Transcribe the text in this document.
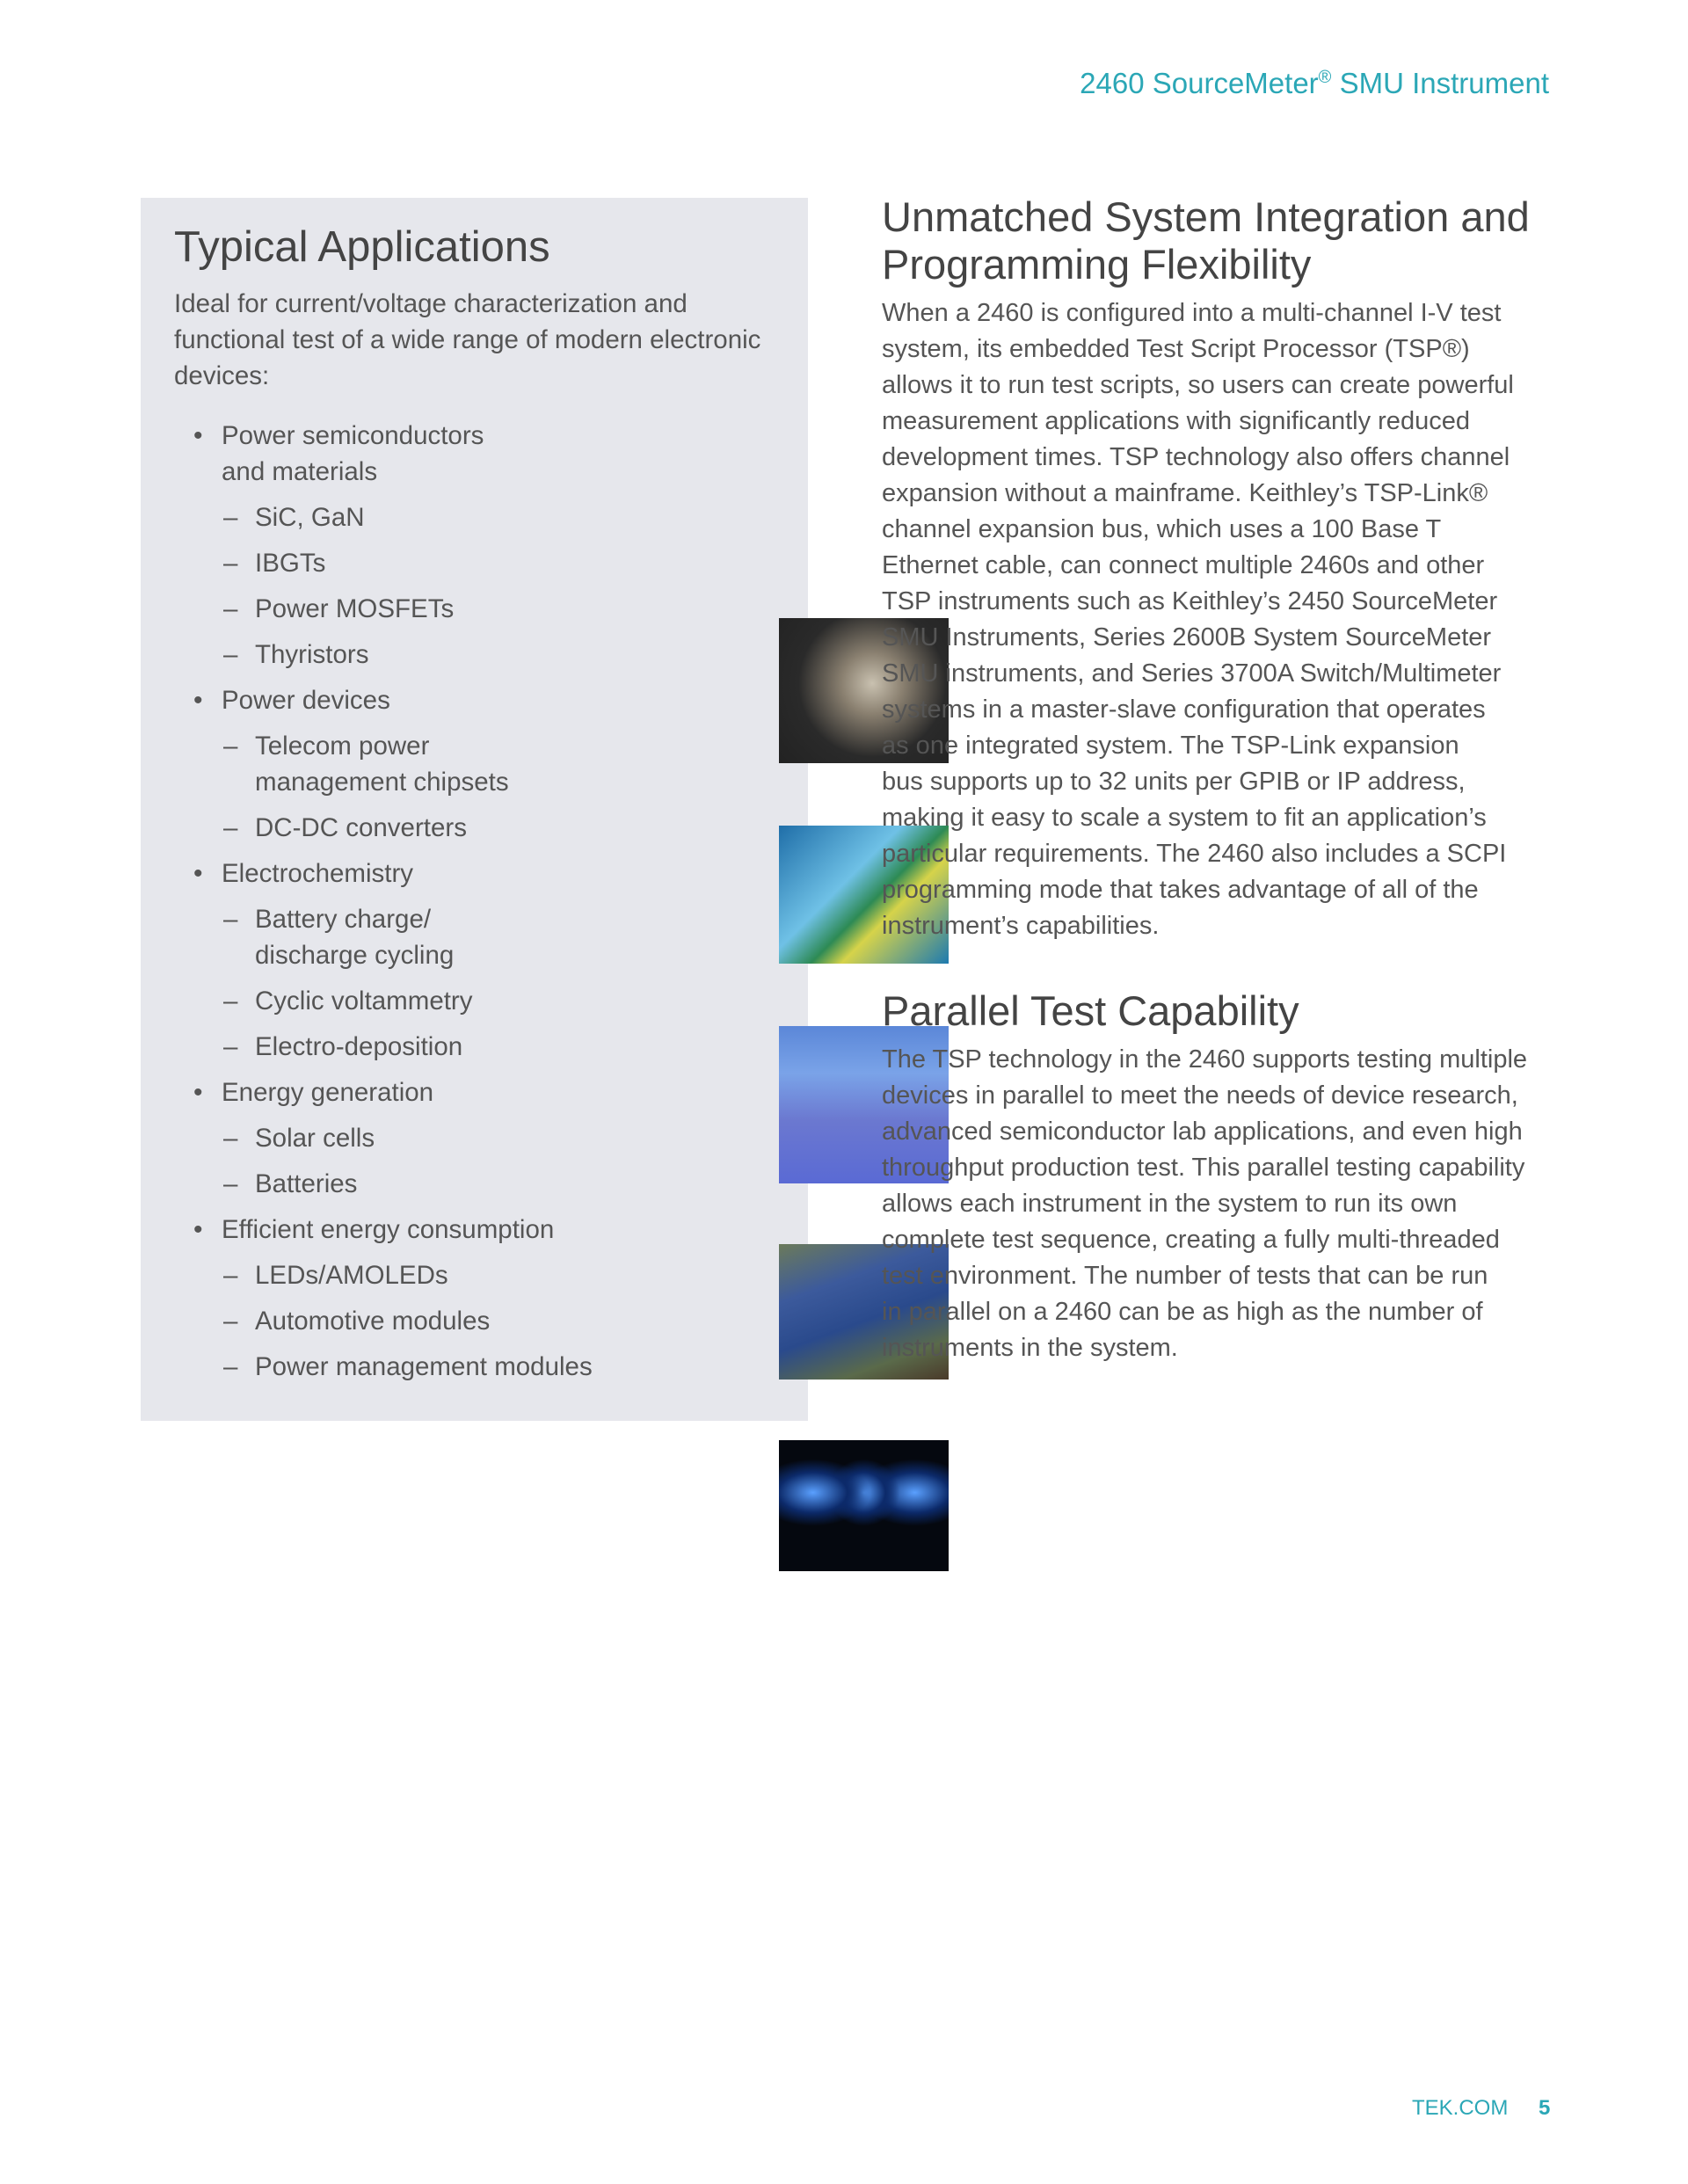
2460 SourceMeter® SMU Instrument
Typical Applications
Ideal for current/voltage characterization and
functional test of a wide range of modern electronic
devices:
• Power semiconductors
and materials
– SiC, GaN
– IBGTs
– Power MOSFETs
– Thyristors
• Power devices
– Telecom power
management chipsets
– DC-DC converters
• Electrochemistry
– Battery charge/
discharge cycling
– Cyclic voltammetry
– Electro-deposition
• Energy generation
– Solar cells
– Batteries
• Efficient energy consumption
– LEDs/AMOLEDs
– Automotive modules
– Power management modules
Unmatched System Integration and
Programming Flexibility
When a 2460 is configured into a multi-channel I-V test
system, its embedded Test Script Processor (TSP®)
allows it to run test scripts, so users can create powerful
measurement applications with significantly reduced
development times. TSP technology also offers channel
expansion without a mainframe. Keithley’s TSP-Link®
channel expansion bus, which uses a 100 Base T
Ethernet cable, can connect multiple 2460s and other
TSP instruments such as Keithley’s 2450 SourceMeter
SMU Instruments, Series 2600B System SourceMeter
SMU instruments, and Series 3700A Switch/Multimeter
systems in a master-slave configuration that operates
as one integrated system. The TSP-Link expansion
bus supports up to 32 units per GPIB or IP address,
making it easy to scale a system to fit an application’s
particular requirements. The 2460 also includes a SCPI
programming mode that takes advantage of all of the
instrument’s capabilities.
Parallel Test Capability
The TSP technology in the 2460 supports testing multiple
devices in parallel to meet the needs of device research,
advanced semiconductor lab applications, and even high
throughput production test. This parallel testing capability
allows each instrument in the system to run its own
complete test sequence, creating a fully multi-threaded
test environment. The number of tests that can be run
in parallel on a 2460 can be as high as the number of
instruments in the system.
TEK.COM 5
